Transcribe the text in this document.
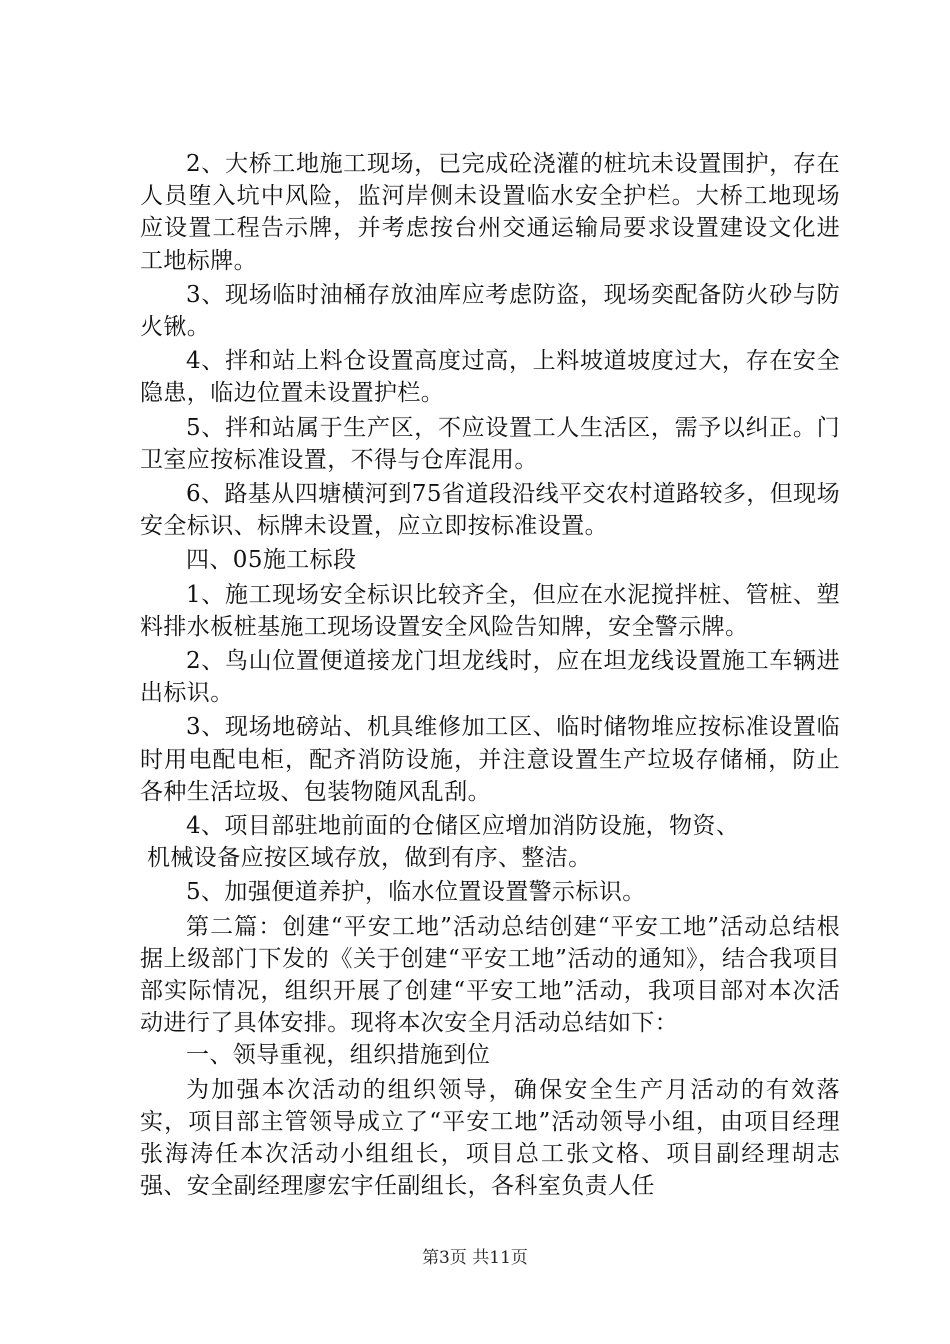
2、大桥工地施工现场，已完成砼浇灌的桩坑未设置围护，存在人员堕入坑中风险，监河岸侧未设置临水安全护栏。大桥工地现场应设置工程告示牌，并考虑按台州交通运输局要求设置建设文化进工地标牌。

3、现场临时油桶存放油库应考虑防盗，现场奕配备防火砂与防火锹。

4、拌和站上料仓设置高度过高，上料坡道坡度过大，存在安全隐患，临边位置未设置护栏。

5、拌和站属于生产区，不应设置工人生活区，需予以纠正。门卫室应按标准设置，不得与仓库混用。

6、路基从四塘横河到75省道段沿线平交农村道路较多，但现场安全标识、标牌未设置，应立即按标准设置。

四、05施工标段

1、施工现场安全标识比较齐全，但应在水泥搅拌桩、管桩、塑料排水板桩基施工现场设置安全风险告知牌，安全警示牌。

2、鸟山位置便道接龙门坦龙线时，应在坦龙线设置施工车辆进出标识。

3、现场地磅站、机具维修加工区、临时储物堆应按标准设置临时用电配电柜，配齐消防设施，并注意设置生产垃圾存储桶，防止各种生活垃圾、包装物随风乱刮。

4、项目部驻地前面的仓储区应增加消防设施，物资、

机械设备应按区域存放，做到有序、整洁。

5、加强便道养护，临水位置设置警示标识。

第二篇：创建“平安工地”活动总结创建“平安工地”活动总结根据上级部门下发的《关于创建“平安工地”活动的通知》，结合我项目部实际情况，组织开展了创建“平安工地”活动，我项目部对本次活动进行了具体安排。现将本次安全月活动总结如下：

一、领导重视，组织措施到位

为加强本次活动的组织领导，确保安全生产月活动的有效落实，项目部主管领导成立了“平安工地”活动领导小组，由项目经理张海涛任本次活动小组组长，项目总工张文格、项目副经理胡志强、安全副经理廖宏宇任副组长，各科室负责人任

第3页 共11页
